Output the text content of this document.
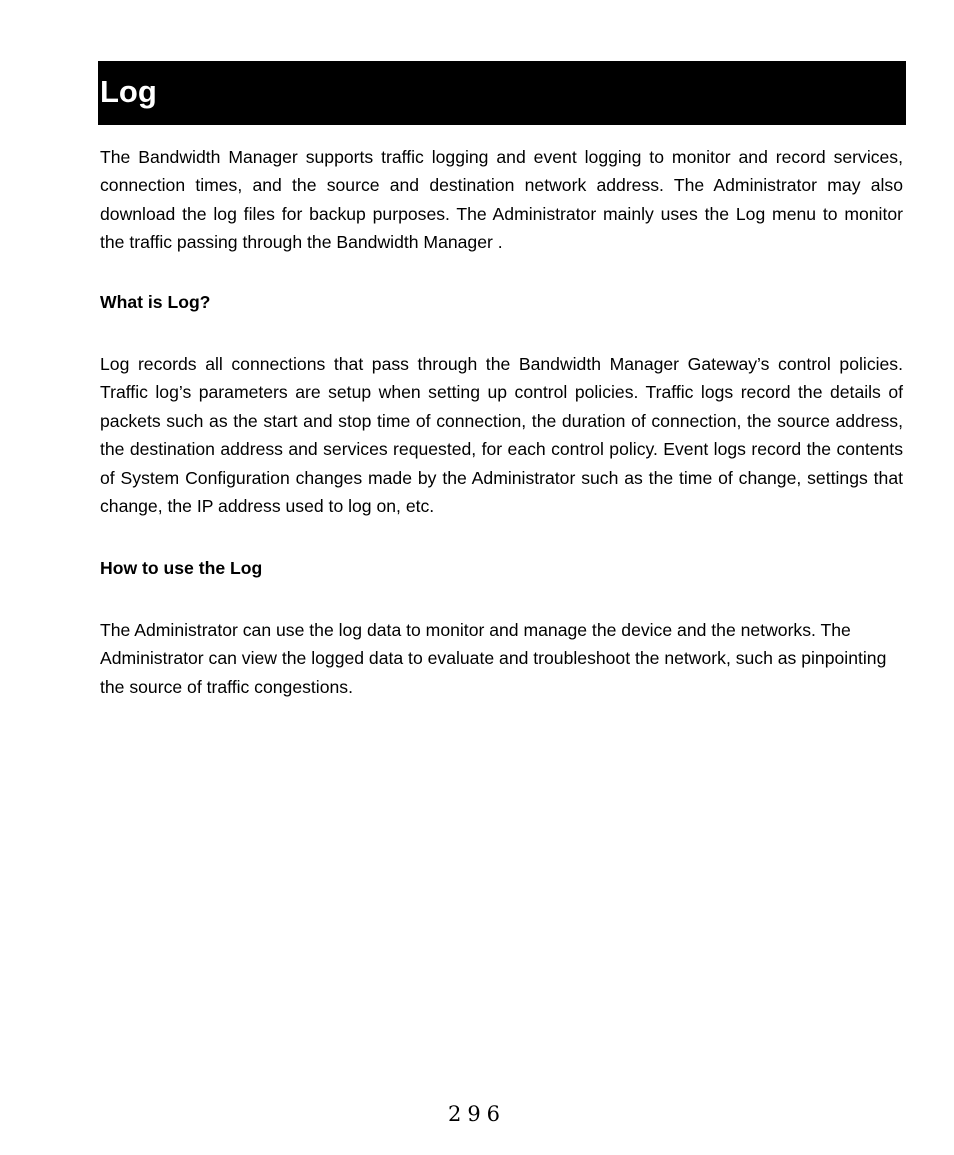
Log

The Bandwidth Manager supports traffic logging and event logging to monitor and record services, connection times, and the source and destination network address. The Administrator may also download the log files for backup purposes. The Administrator mainly uses the Log menu to monitor the traffic passing through the Bandwidth Manager .

What is Log?

Log records all connections that pass through the Bandwidth Manager Gateway’s control policies. Traffic log’s parameters are setup when setting up control policies. Traffic logs record the details of packets such as the start and stop time of connection, the duration of connection, the source address, the destination address and services requested, for each control policy. Event logs record the contents of System Configuration changes made by the Administrator such as the time of change, settings that change, the IP address used to log on, etc.

How to use the Log

The Administrator can use the log data to monitor and manage the device and the networks. The Administrator can view the logged data to evaluate and troubleshoot the network, such as pinpointing the source of traffic congestions.

296
